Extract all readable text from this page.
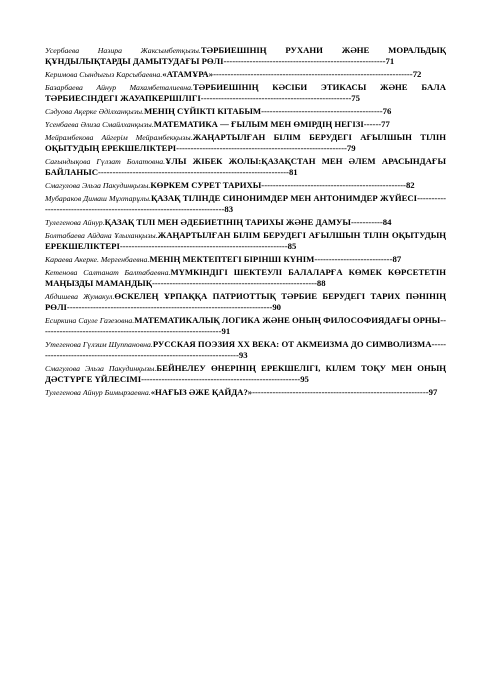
Усербаева Назира Жаксымбетқызы.ТӘРБИЕШІНІҢ РУХАНИ ЖӘНЕ МОРАЛЬДЫҚ ҚҰНДЫЛЫҚТАРДЫ ДАМЫТУДАҒЫ РӨЛІ--------------------------------------------------------71

Керимова Сындыгыз Карсыбаевна.«АТАМҰРА»---------------------------------------------------------------------72

Базарбаева Айнур Махамбеталиевна.ТӘРБИЕШІНІҢ КӘСІБИ ЭТИКАСЫ ЖӘНЕ БАЛА ТӘРБИЕСІНДЕГІ ЖАУАПКЕРШІЛІГІ----------------------------------------------------75

Сәдуова Ақерке Әділханқызы.МЕНІҢ СҮЙІКТІ КІТАБЫМ------------------------------------------76

Үсенбаева Әлиза Смайлханқызы.МАТЕМАТИКА — ҒЫЛЫМ МЕН ӨМІРДІҢ НЕГІЗІ------77

Мейрамбекова Айгерім Мейрамбекқызы.ЖАҢАРТЫЛҒАН БІЛІМ БЕРУДЕГІ АҒЫЛШЫН ТІЛІН ОҚЫТУДЫҢ ЕРЕКШЕЛІКТЕРІ-----------------------------------------------------------79

Сағындықова Гүлзат Болатовна.ҰЛЫ ЖІБЕК ЖОЛЫ:ҚАЗАҚСТАН МЕН ӘЛЕМ АРАСЫНДАҒЫ БАЙЛАНЫС------------------------------------------------------------------81

Смагулова Эльза Пакудинқызы.КӨРКЕМ СУРЕТ ТАРИХЫ--------------------------------------------------82

Мубараков Димаш Мұхтарұлы.ҚАЗАҚ ТІЛІНДЕ СИНОНИМДЕР МЕН АНТОНИМДЕР ЖҮЙЕСІ------------------------------------------------------------------------83

Тулегенова Айнур.ҚАЗАҚ ТІЛІ МЕН ӘДЕБИЕТІНІҢ ТАРИХЫ ЖӘНЕ ДАМУЫ-----------84

Болтабаева Айдана Ұлыханқызы.ЖАҢАРТЫЛҒАН БІЛІМ БЕРУДЕГІ АҒЫЛШЫН ТІЛІН ОҚЫТУДЫҢ ЕРЕКШЕЛІКТЕРІ----------------------------------------------------------85

Караева Акерке. Мергенбаевна.МЕНІҢ МЕКТЕПТЕГІ БІРІНШІ КҮНІМ---------------------------87

Кетенова Салтанат Балтабаевна.МҮМКІНДІГІ ШЕКТЕУЛІ БАЛАЛАРҒА КӨМЕК КӨРСЕТЕТІН МАҢЫЗДЫ МАМАНДЫҚ---------------------------------------------------------88

Абдишева Жумакул.ӨСКЕЛЕҢ ҰРПАҚҚА ПАТРИОТТЫҚ ТӘРБИЕ БЕРУДЕГІ ТАРИХ ПӘНІНІҢ РӨЛІ-----------------------------------------------------------------------90

Есиркина Сауле Газезовна.МАТЕМАТИКАЛЫҚ ЛОГИКА ЖӘНЕ ОНЫҢ ФИЛОСОФИЯДАҒЫ ОРНЫ---------------------------------------------------------------91

Утегенова Гүлзим Шуппановна.РУССКАЯ ПОЭЗИЯ ХХ ВЕКА: ОТ АКМЕИЗМА ДО СИМВОЛИЗМА------------------------------------------------------------------------93

Смагулова Эльза Пакудинқызы.БЕЙНЕЛЕУ ӨНЕРІНІҢ ЕРЕКШЕЛІГІ, КІЛЕМ ТОҚУ МЕН ОНЫҢ ДӘСТҮРГЕ ҮЙЛЕСІМІ-------------------------------------------------------95

Тулегенова Айнур Бимырзаевна.«НАҒЫЗ ӘЖЕ ҚАЙДА?»-------------------------------------------------------------97
